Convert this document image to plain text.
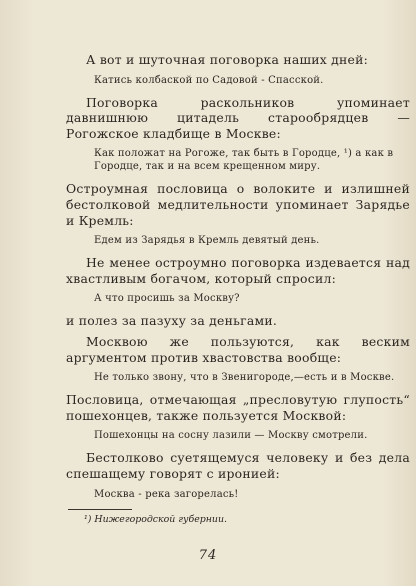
А вот и шуточная поговорка наших дней:

Катись колбаской по Садовой - Спасской.

Поговорка раскольников упоминает давнишнюю цитадель старообрядцев — Рогожское кладбище в Москве:

Как положат на Рогоже, так быть в Городце, ¹) а как в Городце, так и на всем крещенном миру.

Остроумная пословица о волоките и излишней бестолковой медлительности упоминает Зарядье и Кремль:

Едем из Зарядья в Кремль девятый день.

Не менее остроумно поговорка издевается над хвастливым богачом, который спросил:

А что просишь за Москву?

и полез за пазуху за деньгами.

Москвою же пользуются, как веским аргументом против хвастовства вообще:

Не только звону, что в Звенигороде,—есть и в Москве.

Пословица, отмечающая „пресловутую глупость“ пошехонцев, также пользуется Москвой:

Пошехонцы на сосну лазили — Москву смотрели.

Бестолково суетящемуся человеку и без дела спешащему говорят с иронией:

Москва - река загорелась!

¹) Нижегородской губернии.
74
